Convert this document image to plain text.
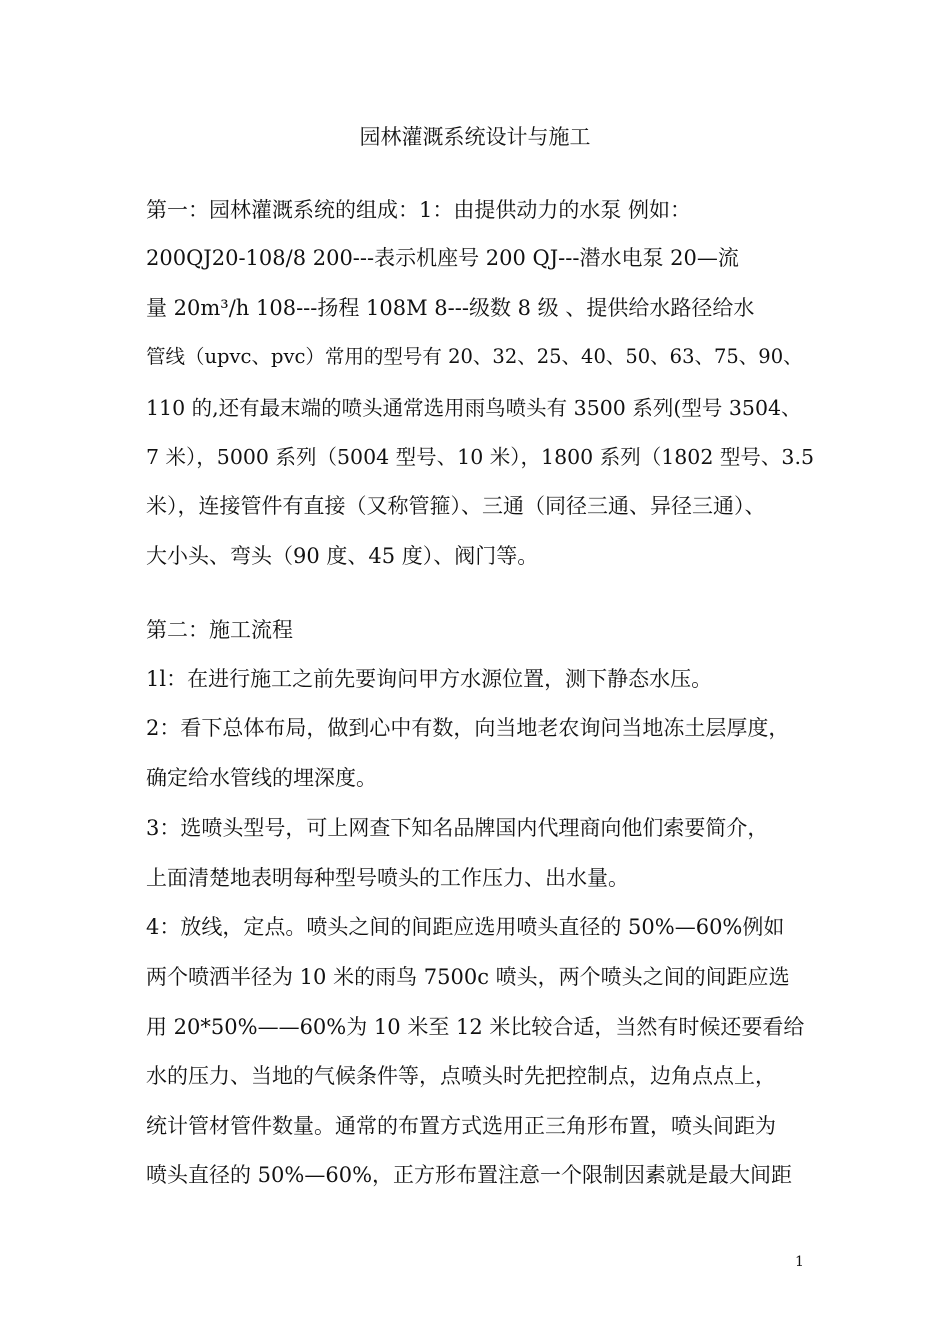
园林灌溉系统设计与施工
第一：园林灌溉系统的组成：1：由提供动力的水泵 例如：
200QJ20-108/8 200---表示机座号 200 QJ---潜水电泵 20—流
量 20m³/h 108---扬程 108M 8---级数 8 级 、提供给水路径给水
管线（upvc、pvc）常用的型号有 20、32、25、40、50、63、75、90、
110 的,还有最末端的喷头通常选用雨鸟喷头有 3500 系列(型号 3504、
7 米），5000 系列（5004 型号、10 米），1800 系列（1802 型号、3.5
米），连接管件有直接（又称管箍）、三通（同径三通、异径三通）、
大小头、弯头（90 度、45 度）、阀门等。
第二：施工流程
1l：在进行施工之前先要询问甲方水源位置，测下静态水压。
2：看下总体布局，做到心中有数，向当地老农询问当地冻土层厚度，
确定给水管线的埋深度。
3：选喷头型号，可上网查下知名品牌国内代理商向他们索要简介，
上面清楚地表明每种型号喷头的工作压力、出水量。
4：放线，定点。喷头之间的间距应选用喷头直径的 50%—60%例如
两个喷洒半径为 10 米的雨鸟 7500c 喷头，两个喷头之间的间距应选
用 20*50%——60%为 10 米至 12 米比较合适，当然有时候还要看给
水的压力、当地的气候条件等，点喷头时先把控制点，边角点点上，
统计管材管件数量。通常的布置方式选用正三角形布置，喷头间距为
喷头直径的 50%—60%，正方形布置注意一个限制因素就是最大间距
1
